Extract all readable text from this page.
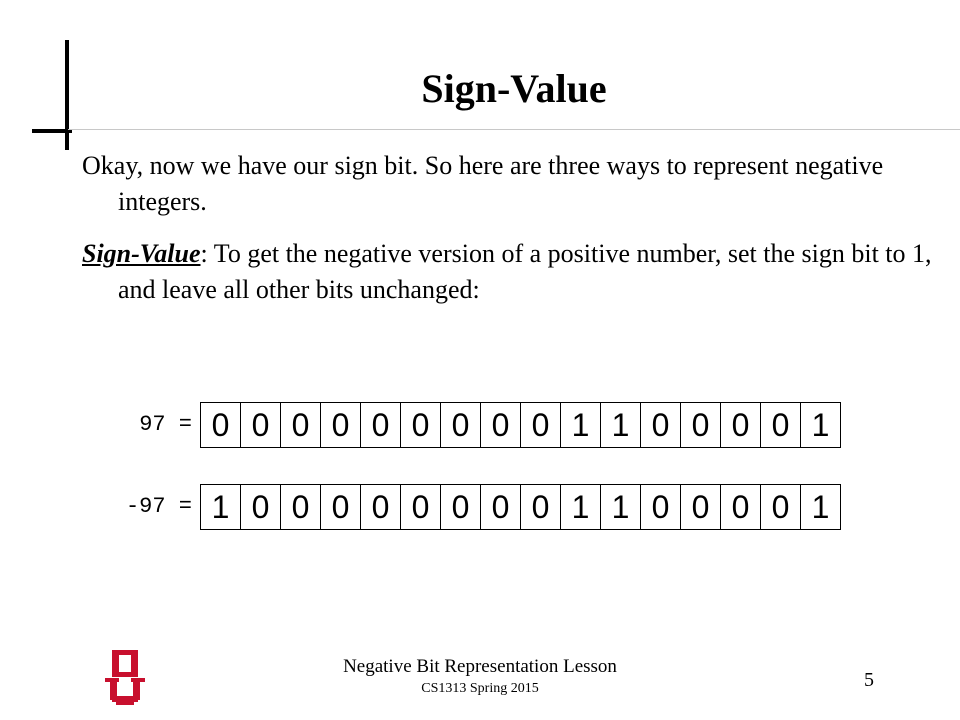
Sign-Value
Okay, now we have our sign bit. So here are three ways to represent negative integers.
Sign-Value: To get the negative version of a positive number, set the sign bit to 1, and leave all other bits unchanged:
97 = 0 0 0 0 0 0 0 0 0 1 1 0 0 0 0 1
-97 = 1 0 0 0 0 0 0 0 0 1 1 0 0 0 0 1
Negative Bit Representation Lesson
CS1313 Spring 2015	5
